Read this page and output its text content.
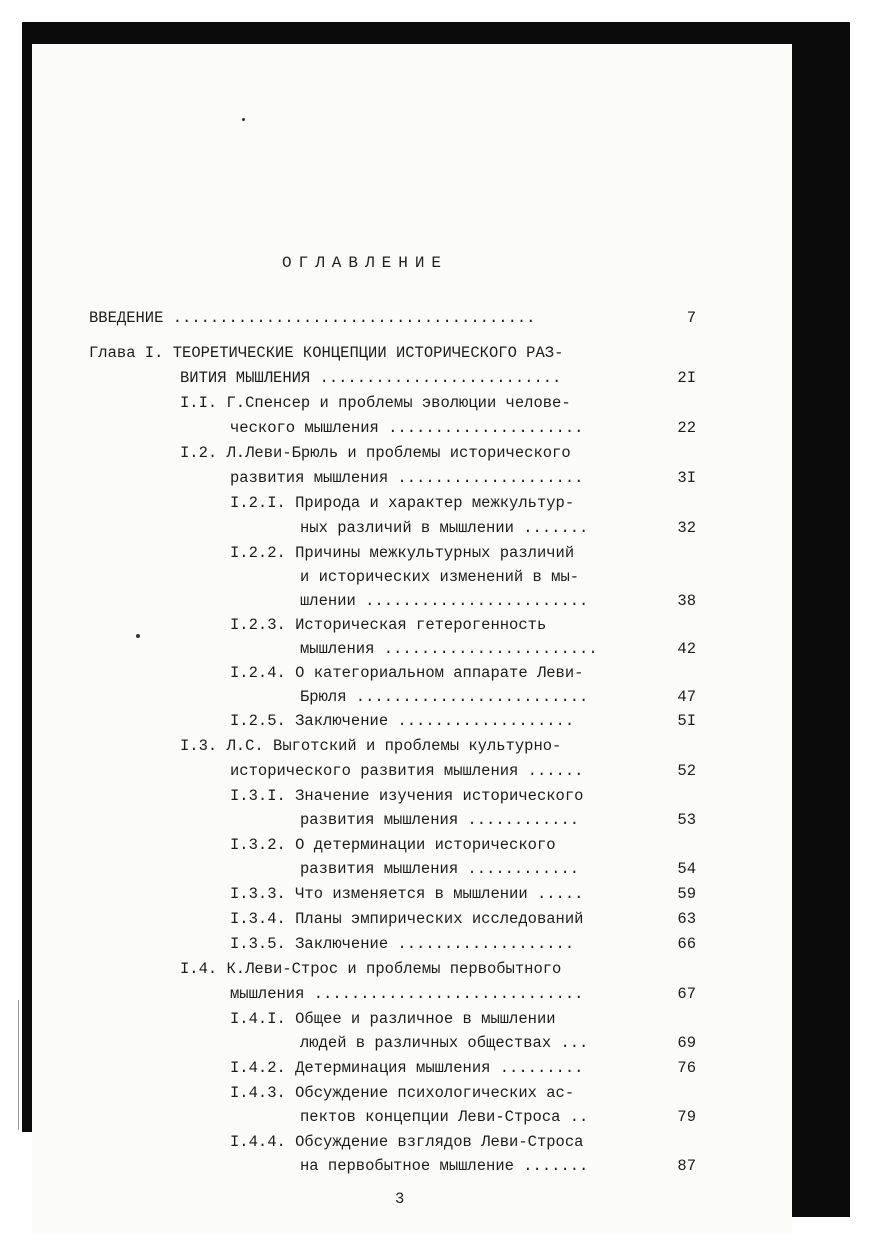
ОГЛАВЛЕНИЕ
ВВЕДЕНИЕ .......................................	7
Глава I. ТЕОРЕТИЧЕСКИЕ КОНЦЕПЦИИ ИСТОРИЧЕСКОГО РАЗ-
ВИТИЯ МЫШЛЕНИЯ ..........................	2I
I.I. Г.Спенсер и проблемы эволюции челове-
ческого мышления .....................	22
I.2. Л.Леви-Брюль и проблемы исторического
развития мышления ....................	3I
I.2.I. Природа и характер межкультур-
ных различий в мышлении .......	32
I.2.2. Причины межкультурных различий
и исторических изменений в мы-
шлении ........................	38
I.2.3. Историческая гетерогенность
мышления .......................	42
I.2.4. О категориальном аппарате Леви-
Брюля .........................	47
I.2.5. Заключение ...................	5I
I.3. Л.С. Выготский и проблемы культурно-
исторического развития мышления ......	52
I.3.I. Значение изучения исторического
развития мышления ............	53
I.3.2. О детерминации исторического
развития мышления ............	54
I.3.3. Что изменяется в мышлении .....	59
I.3.4. Планы эмпирических исследований	63
I.3.5. Заключение ...................	66
I.4. К.Леви-Строс и проблемы первобытного
мышления .............................	67
I.4.I. Общее и различное в мышлении
людей в различных обществах ...	69
I.4.2. Детерминация мышления .........	76
I.4.3. Обсуждение психологических ас-
пектов концепции Леви-Строса ..	79
I.4.4. Обсуждение взглядов Леви-Строса
на первобытное мышление .......	87
3
